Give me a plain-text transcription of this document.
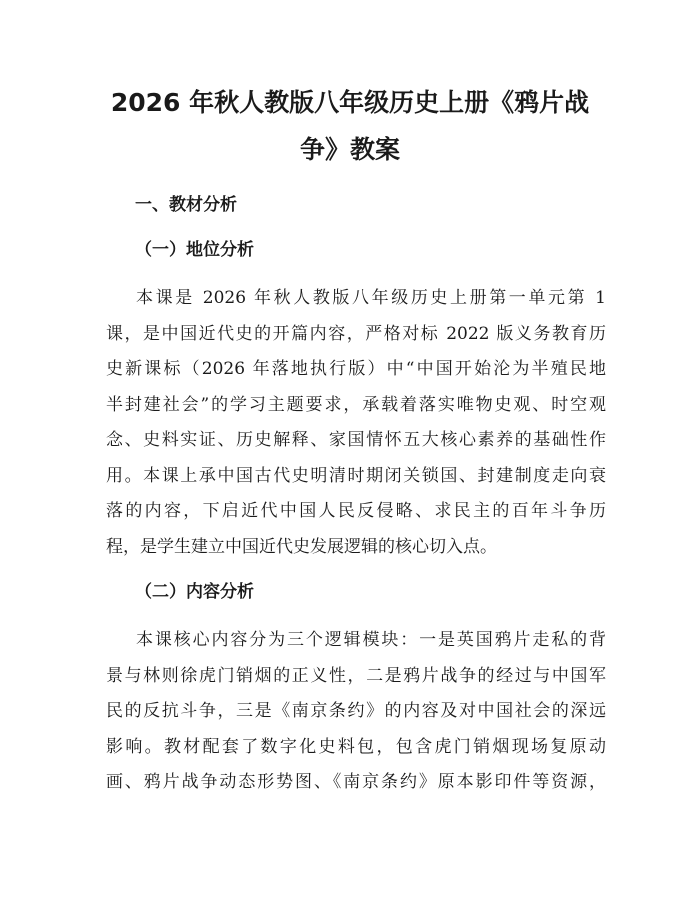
2026 年秋人教版八年级历史上册《鸦片战
争》教案
一、教材分析
（一）地位分析
本课是 2026 年秋人教版八年级历史上册第一单元第 1
课，是中国近代史的开篇内容，严格对标 2022 版义务教育历
史新课标（2026 年落地执行版）中“中国开始沦为半殖民地
半封建社会”的学习主题要求，承载着落实唯物史观、时空观
念、史料实证、历史解释、家国情怀五大核心素养的基础性作
用。本课上承中国古代史明清时期闭关锁国、封建制度走向衰
落的内容，下启近代中国人民反侵略、求民主的百年斗争历
程，是学生建立中国近代史发展逻辑的核心切入点。
（二）内容分析
本课核心内容分为三个逻辑模块：一是英国鸦片走私的背
景与林则徐虎门销烟的正义性，二是鸦片战争的经过与中国军
民的反抗斗争，三是《南京条约》的内容及对中国社会的深远
影响。教材配套了数字化史料包，包含虎门销烟现场复原动
画、鸦片战争动态形势图、《南京条约》原本影印件等资源，
